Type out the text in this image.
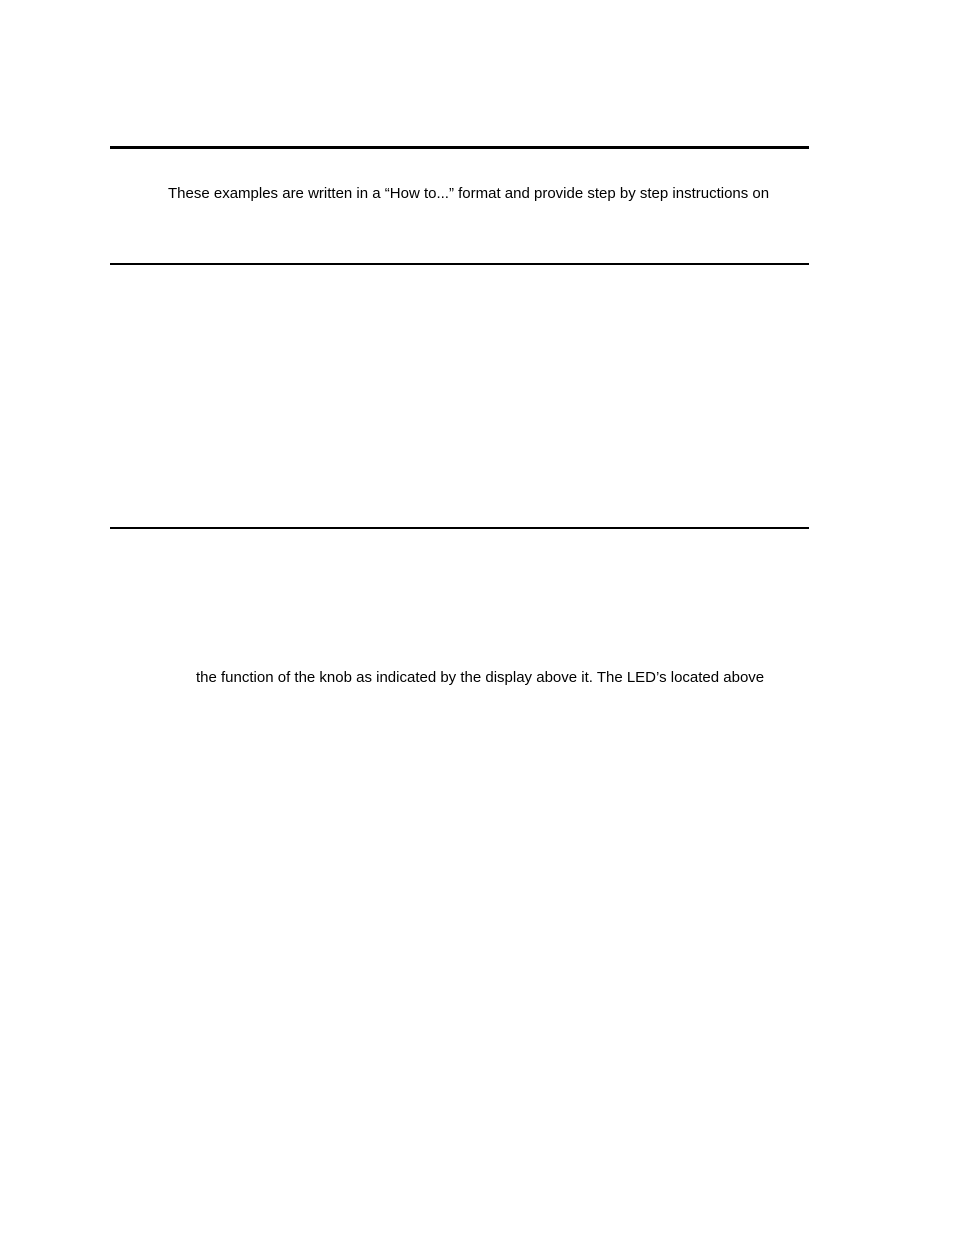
These examples are written in a “How to...” format and provide step by step instructions on
the function of the knob as indicated by the display above it. The LED’s located above
